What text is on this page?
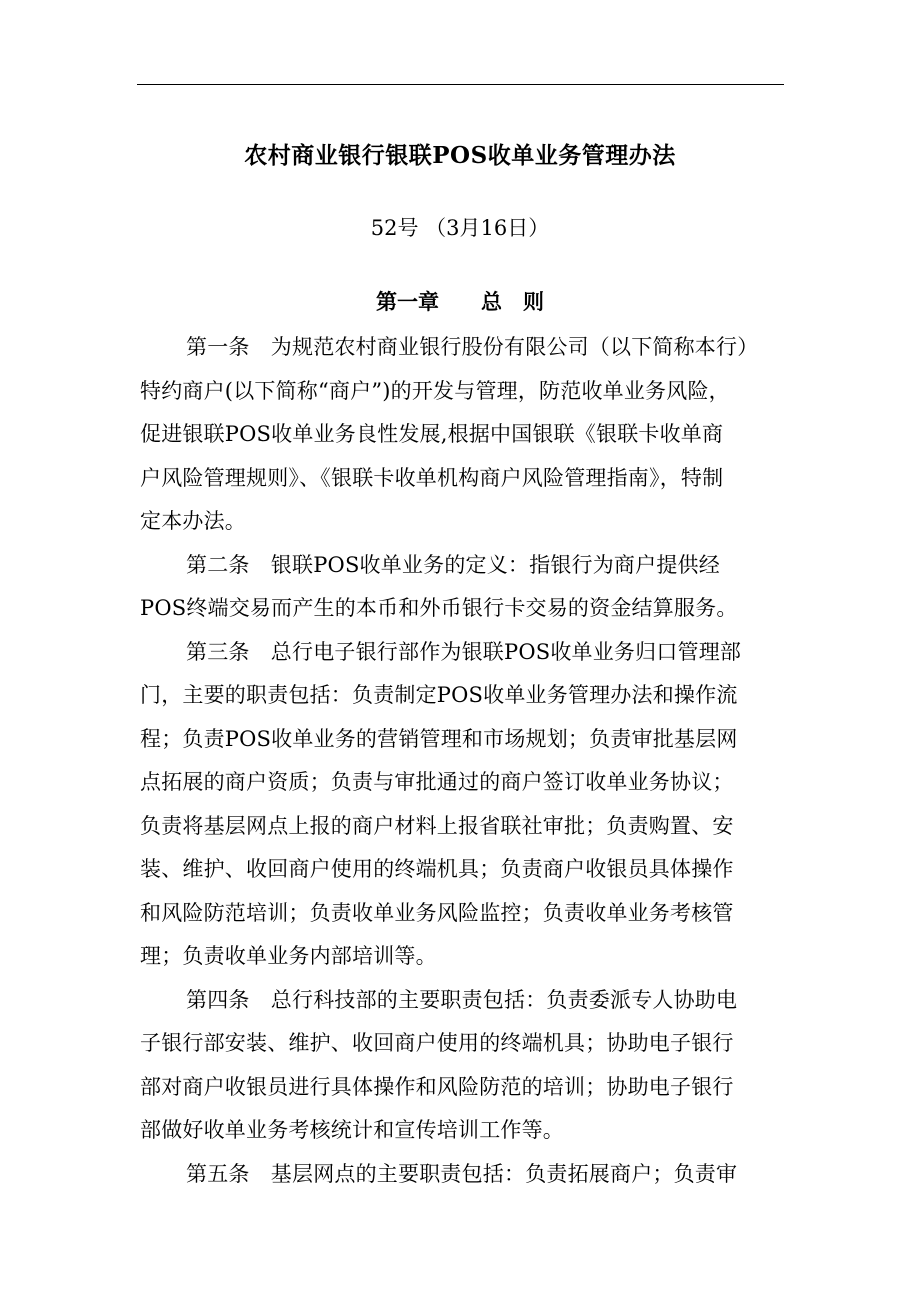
农村商业银行银联POS收单业务管理办法
52号 （3月16日）
第一章　　总　则
第一条　为规范农村商业银行股份有限公司（以下简称本行）
特约商户(以下简称“商户”)的开发与管理，防范收单业务风险，
促进银联POS收单业务良性发展,根据中国银联《银联卡收单商
户风险管理规则》、《银联卡收单机构商户风险管理指南》，特制
定本办法。
第二条　银联POS收单业务的定义：指银行为商户提供经
POS终端交易而产生的本币和外币银行卡交易的资金结算服务。
第三条　总行电子银行部作为银联POS收单业务归口管理部
门，主要的职责包括：负责制定POS收单业务管理办法和操作流
程；负责POS收单业务的营销管理和市场规划；负责审批基层网
点拓展的商户资质；负责与审批通过的商户签订收单业务协议；
负责将基层网点上报的商户材料上报省联社审批；负责购置、安
装、维护、收回商户使用的终端机具；负责商户收银员具体操作
和风险防范培训；负责收单业务风险监控；负责收单业务考核管
理；负责收单业务内部培训等。
第四条　总行科技部的主要职责包括：负责委派专人协助电
子银行部安装、维护、收回商户使用的终端机具；协助电子银行
部对商户收银员进行具体操作和风险防范的培训；协助电子银行
部做好收单业务考核统计和宣传培训工作等。
第五条　基层网点的主要职责包括：负责拓展商户；负责审
